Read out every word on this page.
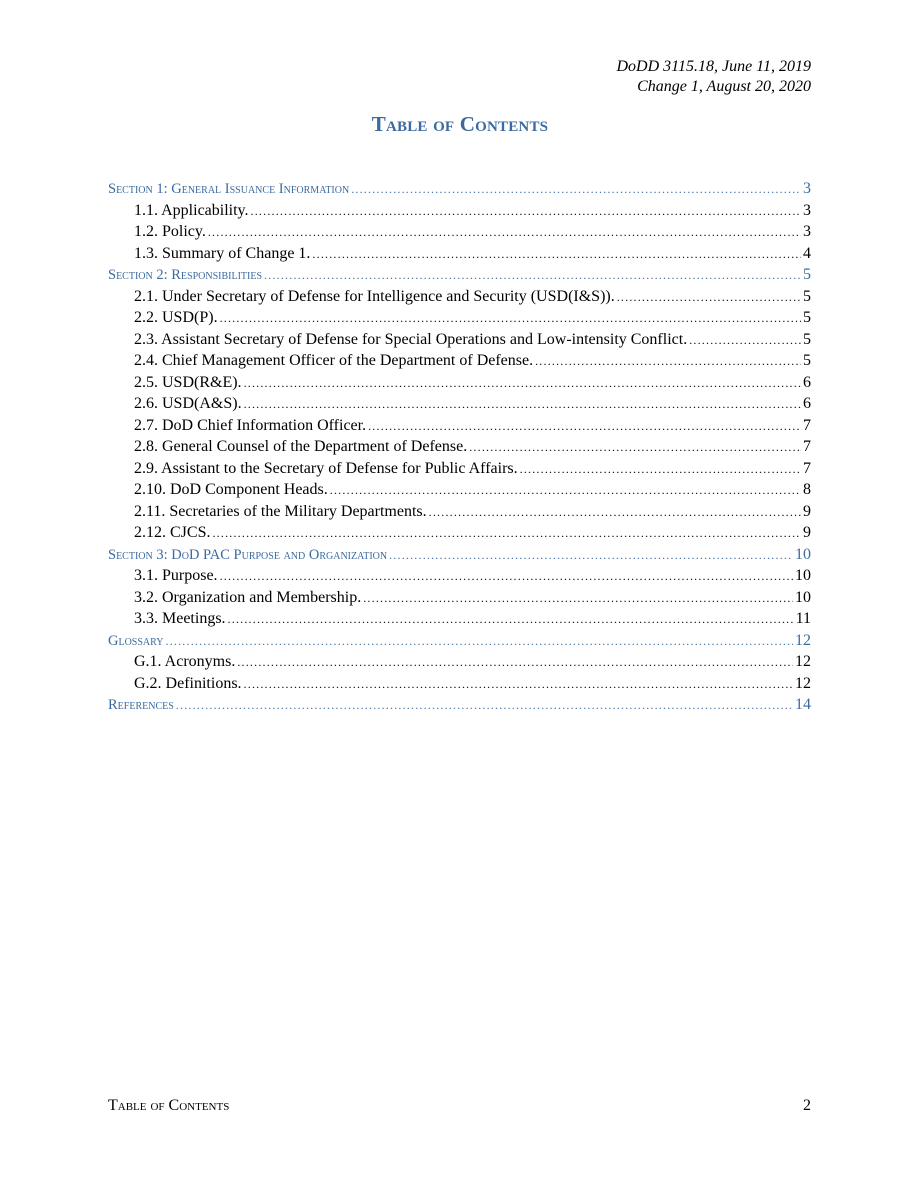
DoDD 3115.18, June 11, 2019
Change 1, August 20, 2020
Table of Contents
Section 1: General Issuance Information .....	3
1.1. Applicability. .....	3
1.2. Policy. .....	3
1.3. Summary of Change 1. .....	4
Section 2: Responsibilities .....	5
2.1. Under Secretary of Defense for Intelligence and Security (USD(I&S)). .....	5
2.2. USD(P). .....	5
2.3. Assistant Secretary of Defense for Special Operations and Low-intensity Conflict. .....	5
2.4. Chief Management Officer of the Department of Defense. .....	5
2.5. USD(R&E). .....	6
2.6. USD(A&S). .....	6
2.7. DoD Chief Information Officer. .....	7
2.8. General Counsel of the Department of Defense. .....	7
2.9. Assistant to the Secretary of Defense for Public Affairs. .....	7
2.10. DoD Component Heads. .....	8
2.11. Secretaries of the Military Departments. .....	9
2.12. CJCS. .....	9
Section 3: DoD PAC Purpose and Organization .....	10
3.1. Purpose. .....	10
3.2. Organization and Membership. .....	10
3.3. Meetings. .....	11
Glossary .....	12
G.1. Acronyms. .....	12
G.2. Definitions. .....	12
References .....	14
Table of Contents	2
